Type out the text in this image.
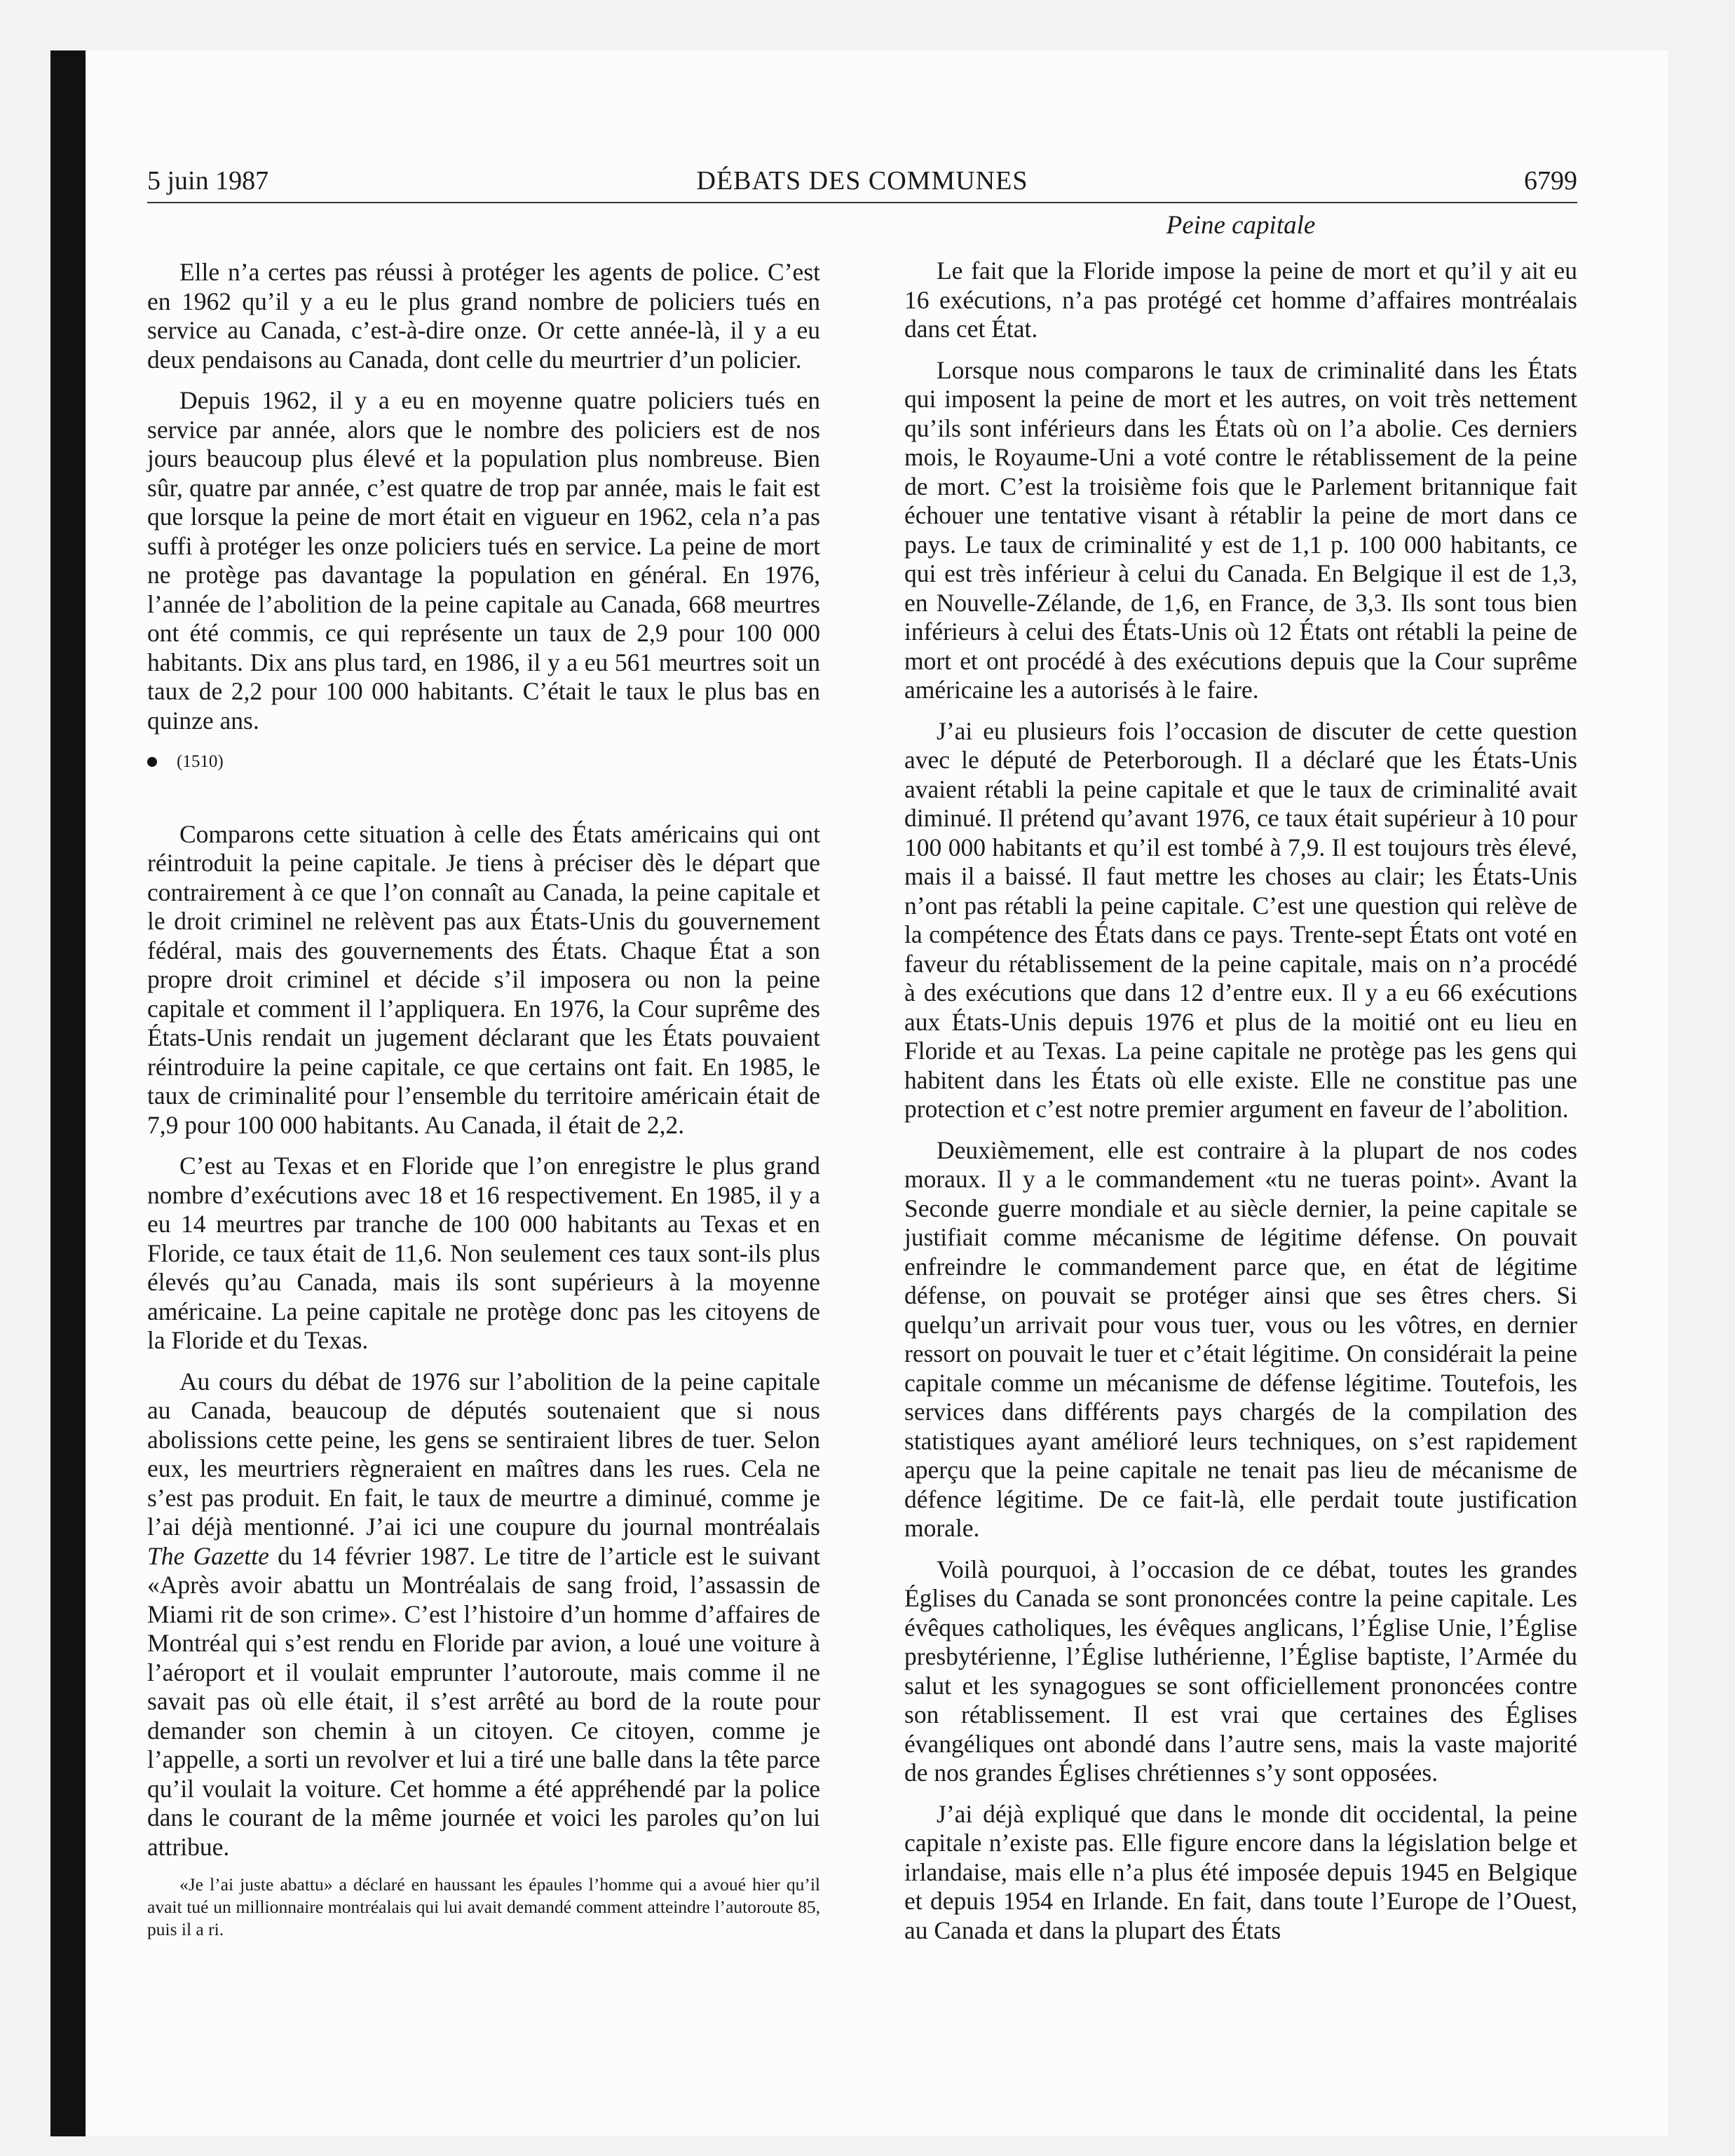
5 juin 1987	DÉBATS DES COMMUNES	6799

Elle n’a certes pas réussi à protéger les agents de police. C’est en 1962 qu’il y a eu le plus grand nombre de policiers tués en service au Canada, c’est-à-dire onze. Or cette année-là, il y a eu deux pendaisons au Canada, dont celle du meurtrier d’un policier.

Depuis 1962, il y a eu en moyenne quatre policiers tués en service par année, alors que le nombre des policiers est de nos jours beaucoup plus élevé et la population plus nombreuse. Bien sûr, quatre par année, c’est quatre de trop par année, mais le fait est que lorsque la peine de mort était en vigueur en 1962, cela n’a pas suffi à protéger les onze policiers tués en service. La peine de mort ne protège pas davantage la population en général. En 1976, l’année de l’abolition de la peine capitale au Canada, 668 meurtres ont été commis, ce qui représente un taux de 2,9 pour 100 000 habitants. Dix ans plus tard, en 1986, il y a eu 561 meurtres soit un taux de 2,2 pour 100 000 habitants. C’était le taux le plus bas en quinze ans.

(1510)

Comparons cette situation à celle des États américains qui ont réintroduit la peine capitale. Je tiens à préciser dès le départ que contrairement à ce que l’on connaît au Canada, la peine capitale et le droit criminel ne relèvent pas aux États-Unis du gouvernement fédéral, mais des gouvernements des États. Chaque État a son propre droit criminel et décide s’il imposera ou non la peine capitale et comment il l’appliquera. En 1976, la Cour suprême des États-Unis rendait un jugement déclarant que les États pouvaient réintroduire la peine capitale, ce que certains ont fait. En 1985, le taux de criminalité pour l’ensemble du territoire américain était de 7,9 pour 100 000 habitants. Au Canada, il était de 2,2.

C’est au Texas et en Floride que l’on enregistre le plus grand nombre d’exécutions avec 18 et 16 respectivement. En 1985, il y a eu 14 meurtres par tranche de 100 000 habitants au Texas et en Floride, ce taux était de 11,6. Non seulement ces taux sont-ils plus élevés qu’au Canada, mais ils sont supérieurs à la moyenne américaine. La peine capitale ne protège donc pas les citoyens de la Floride et du Texas.

Au cours du débat de 1976 sur l’abolition de la peine capitale au Canada, beaucoup de députés soutenaient que si nous abolissions cette peine, les gens se sentiraient libres de tuer. Selon eux, les meurtriers règneraient en maîtres dans les rues. Cela ne s’est pas produit. En fait, le taux de meurtre a diminué, comme je l’ai déjà mentionné. J’ai ici une coupure du journal montréalais The Gazette du 14 février 1987. Le titre de l’article est le suivant «Après avoir abattu un Montréalais de sang froid, l’assassin de Miami rit de son crime». C’est l’histoire d’un homme d’affaires de Montréal qui s’est rendu en Floride par avion, a loué une voiture à l’aéroport et il voulait emprunter l’autoroute, mais comme il ne savait pas où elle était, il s’est arrêté au bord de la route pour demander son chemin à un citoyen. Ce citoyen, comme je l’appelle, a sorti un revolver et lui a tiré une balle dans la tête parce qu’il voulait la voiture. Cet homme a été appréhendé par la police dans le courant de la même journée et voici les paroles qu’on lui attribue.

«Je l’ai juste abattu» a déclaré en haussant les épaules l’homme qui a avoué hier qu’il avait tué un millionnaire montréalais qui lui avait demandé comment atteindre l’autoroute 85, puis il a ri.

Peine capitale

Le fait que la Floride impose la peine de mort et qu’il y ait eu 16 exécutions, n’a pas protégé cet homme d’affaires montréalais dans cet État.

Lorsque nous comparons le taux de criminalité dans les États qui imposent la peine de mort et les autres, on voit très nettement qu’ils sont inférieurs dans les États où on l’a abolie. Ces derniers mois, le Royaume-Uni a voté contre le rétablissement de la peine de mort. C’est la troisième fois que le Parlement britannique fait échouer une tentative visant à rétablir la peine de mort dans ce pays. Le taux de criminalité y est de 1,1 p. 100 000 habitants, ce qui est très inférieur à celui du Canada. En Belgique il est de 1,3, en Nouvelle-Zélande, de 1,6, en France, de 3,3. Ils sont tous bien inférieurs à celui des États-Unis où 12 États ont rétabli la peine de mort et ont procédé à des exécutions depuis que la Cour suprême américaine les a autorisés à le faire.

J’ai eu plusieurs fois l’occasion de discuter de cette question avec le député de Peterborough. Il a déclaré que les États-Unis avaient rétabli la peine capitale et que le taux de criminalité avait diminué. Il prétend qu’avant 1976, ce taux était supérieur à 10 pour 100 000 habitants et qu’il est tombé à 7,9. Il est toujours très élevé, mais il a baissé. Il faut mettre les choses au clair; les États-Unis n’ont pas rétabli la peine capitale. C’est une question qui relève de la compétence des États dans ce pays. Trente-sept États ont voté en faveur du rétablissement de la peine capitale, mais on n’a procédé à des exécutions que dans 12 d’entre eux. Il y a eu 66 exécutions aux États-Unis depuis 1976 et plus de la moitié ont eu lieu en Floride et au Texas. La peine capitale ne protège pas les gens qui habitent dans les États où elle existe. Elle ne constitue pas une protection et c’est notre premier argument en faveur de l’abolition.

Deuxièmement, elle est contraire à la plupart de nos codes moraux. Il y a le commandement «tu ne tueras point». Avant la Seconde guerre mondiale et au siècle dernier, la peine capitale se justifiait comme mécanisme de légitime défense. On pouvait enfreindre le commandement parce que, en état de légitime défense, on pouvait se protéger ainsi que ses êtres chers. Si quelqu’un arrivait pour vous tuer, vous ou les vôtres, en dernier ressort on pouvait le tuer et c’était légitime. On considérait la peine capitale comme un mécanisme de défense légitime. Toutefois, les services dans différents pays chargés de la compilation des statistiques ayant amélioré leurs techniques, on s’est rapidement aperçu que la peine capitale ne tenait pas lieu de mécanisme de défence légitime. De ce fait-là, elle perdait toute justification morale.

Voilà pourquoi, à l’occasion de ce débat, toutes les grandes Églises du Canada se sont prononcées contre la peine capitale. Les évêques catholiques, les évêques anglicans, l’Église Unie, l’Église presbytérienne, l’Église luthérienne, l’Église baptiste, l’Armée du salut et les synagogues se sont officiellement prononcées contre son rétablissement. Il est vrai que certaines des Églises évangéliques ont abondé dans l’autre sens, mais la vaste majorité de nos grandes Églises chrétiennes s’y sont opposées.

J’ai déjà expliqué que dans le monde dit occidental, la peine capitale n’existe pas. Elle figure encore dans la législation belge et irlandaise, mais elle n’a plus été imposée depuis 1945 en Belgique et depuis 1954 en Irlande. En fait, dans toute l’Europe de l’Ouest, au Canada et dans la plupart des États
